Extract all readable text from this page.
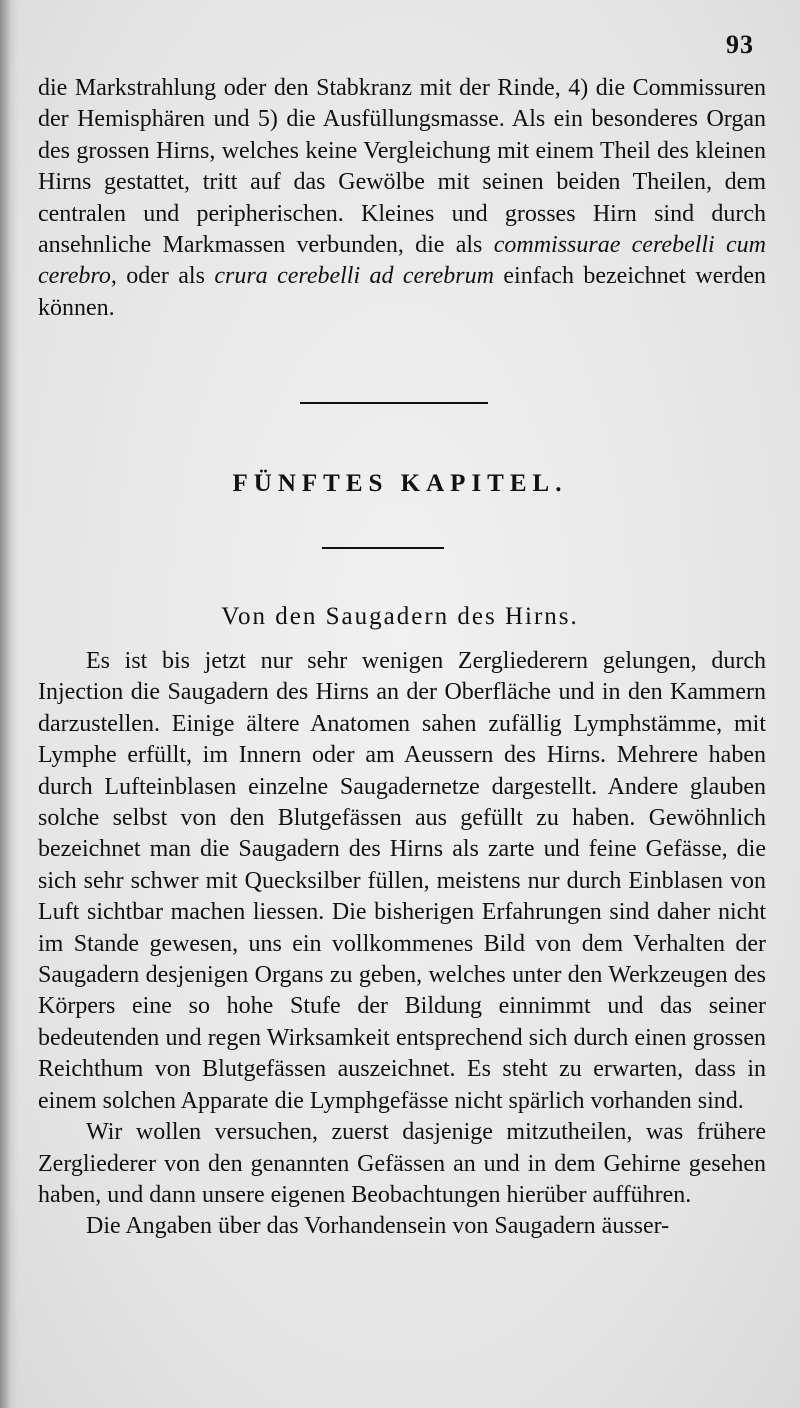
93

die Markstrahlung oder den Stabkranz mit der Rinde, 4) die Commissuren der Hemisphären und 5) die Ausfüllungsmasse. Als ein besonderes Organ des grossen Hirns, welches keine Vergleichung mit einem Theil des kleinen Hirns gestattet, tritt auf das Gewölbe mit seinen beiden Theilen, dem centralen und peripherischen. Kleines und grosses Hirn sind durch ansehnliche Markmassen verbunden, die als commissurae cerebelli cum cerebro, oder als crura cerebelli ad cerebrum einfach bezeichnet werden können.

FÜNFTES KAPITEL.
Von den Saugadern des Hirns.

Es ist bis jetzt nur sehr wenigen Zergliederern gelungen, durch Injection die Saugadern des Hirns an der Oberfläche und in den Kammern darzustellen. Einige ältere Anatomen sahen zufällig Lymphstämme, mit Lymphe erfüllt, im Innern oder am Aeussern des Hirns. Mehrere haben durch Lufteinblasen einzelne Saugadernetze dargestellt. Andere glauben solche selbst von den Blutgefässen aus gefüllt zu haben. Gewöhnlich bezeichnet man die Saugadern des Hirns als zarte und feine Gefässe, die sich sehr schwer mit Quecksilber füllen, meistens nur durch Einblasen von Luft sichtbar machen liessen. Die bisherigen Erfahrungen sind daher nicht im Stande gewesen, uns ein vollkommenes Bild von dem Verhalten der Saugadern desjenigen Organs zu geben, welches unter den Werkzeugen des Körpers eine so hohe Stufe der Bildung einnimmt und das seiner bedeutenden und regen Wirksamkeit entsprechend sich durch einen grossen Reichthum von Blutgefässen auszeichnet. Es steht zu erwarten, dass in einem solchen Apparate die Lymphgefässe nicht spärlich vorhanden sind.

Wir wollen versuchen, zuerst dasjenige mitzutheilen, was frühere Zergliederer von den genannten Gefässen an und in dem Gehirne gesehen haben, und dann unsere eigenen Beobachtungen hierüber aufführen.

Die Angaben über das Vorhandensein von Saugadern äusser-
